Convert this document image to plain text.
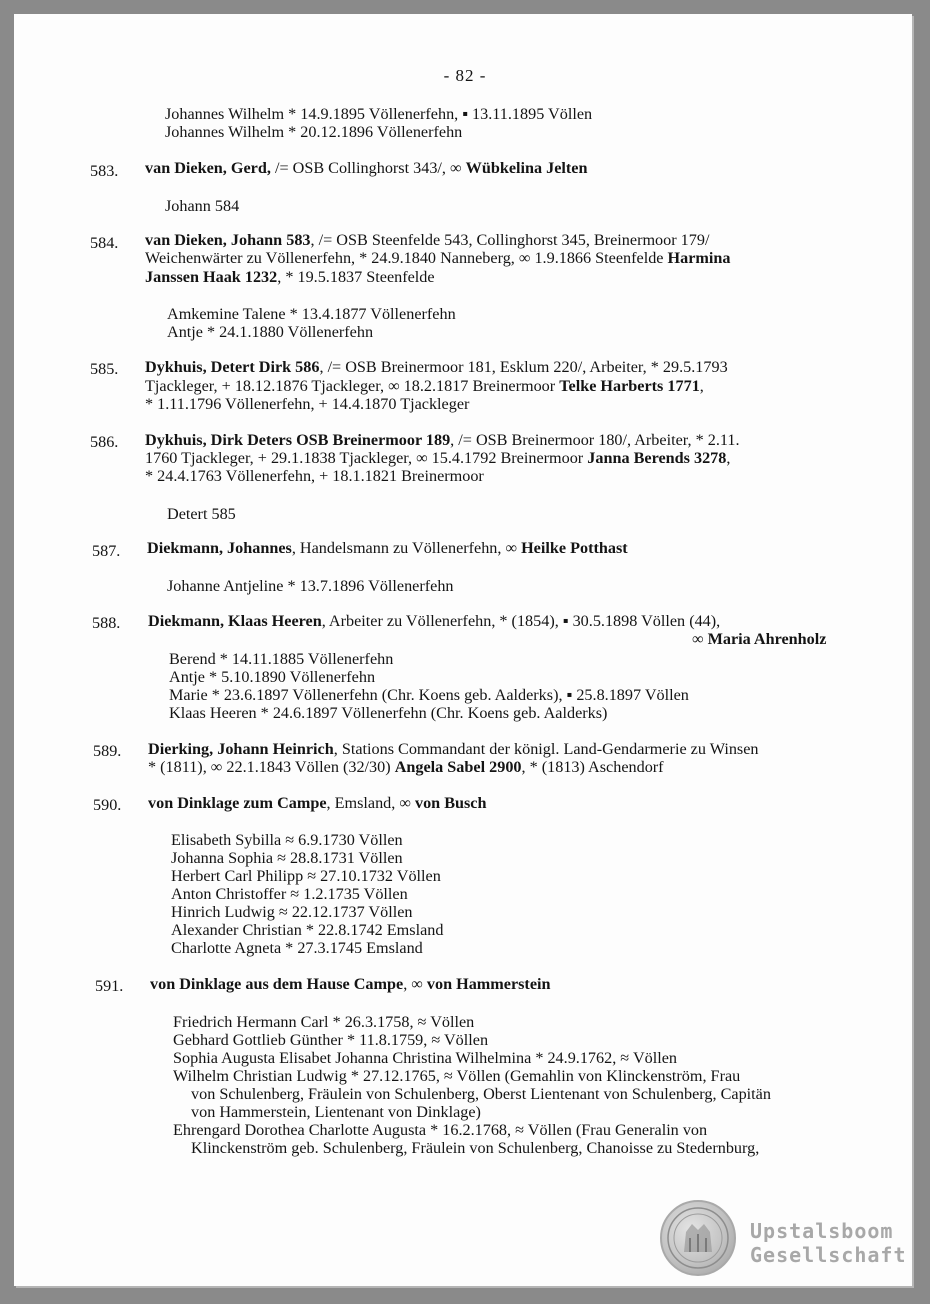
- 82 -
Johannes Wilhelm * 14.9.1895 Völlenerfehn, ▪ 13.11.1895 Völlen
Johannes Wilhelm * 20.12.1896 Völlenerfehn
583. van Dieken, Gerd, /= OSB Collinghorst 343/, ∞ Wübkelina Jelten
Johann 584
584. van Dieken, Johann 583, /= OSB Steenfelde 543, Collinghorst 345, Breinermoor 179/
Weichenwärter zu Völlenerfehn, * 24.9.1840 Nanneberg, ∞ 1.9.1866 Steenfelde Harmina
Janssen Haak 1232, * 19.5.1837 Steenfelde
Amkemine Talene * 13.4.1877 Völlenerfehn
Antje * 24.1.1880 Völlenerfehn
585. Dykhuis, Detert Dirk 586, /= OSB Breinermoor 181, Esklum 220/, Arbeiter, * 29.5.1793
Tjackleger, + 18.12.1876 Tjackleger, ∞ 18.2.1817 Breinermoor Telke Harberts 1771,
* 1.11.1796 Völlenerfehn, + 14.4.1870 Tjackleger
586. Dykhuis, Dirk Deters OSB Breinermoor 189, /= OSB Breinermoor 180/, Arbeiter, * 2.11.
1760 Tjackleger, + 29.1.1838 Tjackleger, ∞ 15.4.1792 Breinermoor Janna Berends 3278,
* 24.4.1763 Völlenerfehn, + 18.1.1821 Breinermoor
Detert 585
587. Diekmann, Johannes, Handelsmann zu Völlenerfehn, ∞ Heilke Potthast
Johanne Antjeline * 13.7.1896 Völlenerfehn
588. Diekmann, Klaas Heeren, Arbeiter zu Völlenerfehn, * (1854), ▪ 30.5.1898 Völlen (44),
∞ Maria Ahrenholz
Berend * 14.11.1885 Völlenerfehn
Antje * 5.10.1890 Völlenerfehn
Marie * 23.6.1897 Völlenerfehn (Chr. Koens geb. Aalderks), ▪ 25.8.1897 Völlen
Klaas Heeren * 24.6.1897 Völlenerfehn (Chr. Koens geb. Aalderks)
589. Dierking, Johann Heinrich, Stations Commandant der königl. Land-Gendarmerie zu Winsen
* (1811), ∞ 22.1.1843 Völlen (32/30) Angela Sabel 2900, * (1813) Aschendorf
590. von Dinklage zum Campe, Emsland, ∞ von Busch
Elisabeth Sybilla ≈ 6.9.1730 Völlen
Johanna Sophia ≈ 28.8.1731 Völlen
Herbert Carl Philipp ≈ 27.10.1732 Völlen
Anton Christoffer ≈ 1.2.1735 Völlen
Hinrich Ludwig ≈ 22.12.1737 Völlen
Alexander Christian * 22.8.1742 Emsland
Charlotte Agneta * 27.3.1745 Emsland
591. von Dinklage aus dem Hause Campe, ∞ von Hammerstein
Friedrich Hermann Carl * 26.3.1758, ≈ Völlen
Gebhard Gottlieb Günther * 11.8.1759, ≈ Völlen
Sophia Augusta Elisabet Johanna Christina Wilhelmina * 24.9.1762, ≈ Völlen
Wilhelm Christian Ludwig * 27.12.1765, ≈ Völlen (Gemahlin von Klinckenström, Frau
von Schulenberg, Fräulein von Schulenberg, Oberst Lientenant von Schulenberg, Capitän
von Hammerstein, Lientenant von Dinklage)
Ehrengard Dorothea Charlotte Augusta * 16.2.1768, ≈ Völlen (Frau Generalin von
Klinckenström geb. Schulenberg, Fräulein von Schulenberg, Chanoisse zu Stedernburg,
Upstalsboom
Gesellschaft
